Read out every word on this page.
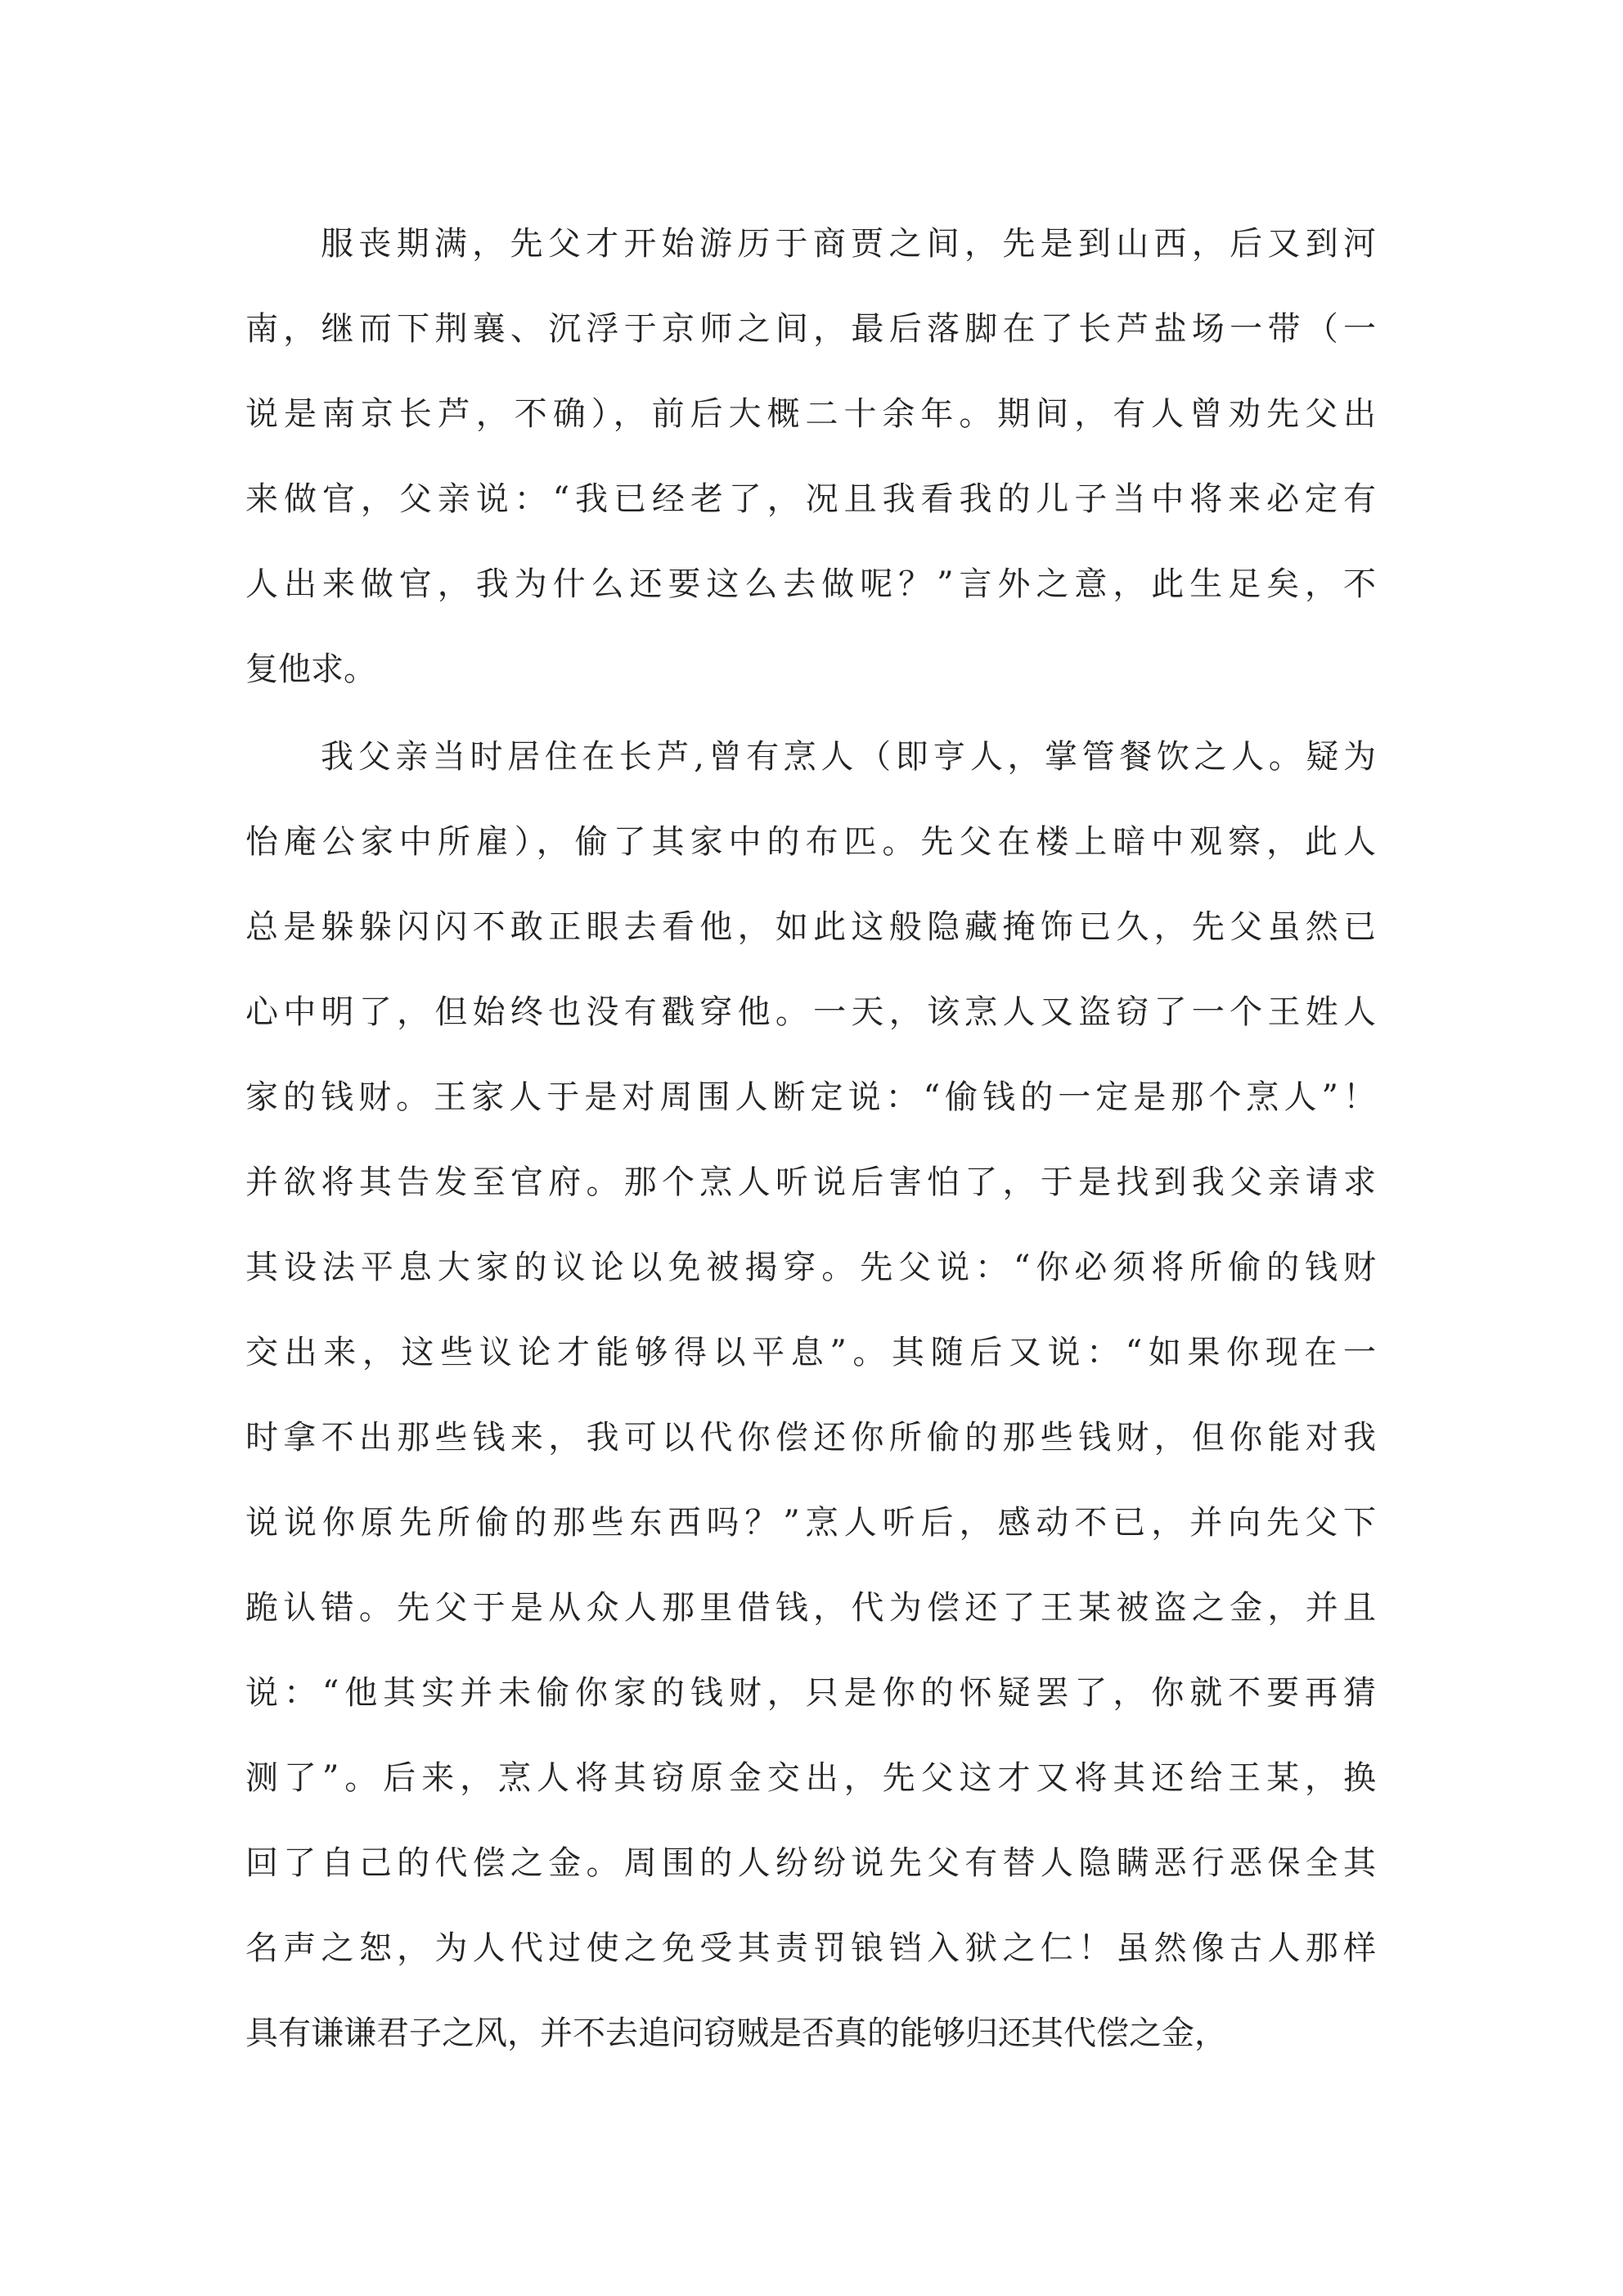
服丧期满，先父才开始游历于商贾之间，先是到山西，后又到河
南，继而下荆襄、沉浮于京师之间，最后落脚在了长芦盐场一带（一
说是南京长芦，不确），前后大概二十余年。期间，有人曾劝先父出
来做官，父亲说：“我已经老了，况且我看我的儿子当中将来必定有
人出来做官，我为什么还要这么去做呢？”言外之意，此生足矣，不
复他求。

我父亲当时居住在长芦,曾有烹人（即亨人，掌管餐饮之人。疑为
怡庵公家中所雇），偷了其家中的布匹。先父在楼上暗中观察，此人
总是躲躲闪闪不敢正眼去看他，如此这般隐藏掩饰已久，先父虽然已
心中明了，但始终也没有戳穿他。一天，该烹人又盗窃了一个王姓人
家的钱财。王家人于是对周围人断定说：“偷钱的一定是那个烹人”！
并欲将其告发至官府。那个烹人听说后害怕了，于是找到我父亲请求
其设法平息大家的议论以免被揭穿。先父说：“你必须将所偷的钱财
交出来，这些议论才能够得以平息”。其随后又说：“如果你现在一
时拿不出那些钱来，我可以代你偿还你所偷的那些钱财，但你能对我
说说你原先所偷的那些东西吗？”烹人听后，感动不已，并向先父下
跪认错。先父于是从众人那里借钱，代为偿还了王某被盗之金，并且
说：“他其实并未偷你家的钱财，只是你的怀疑罢了，你就不要再猜
测了”。后来，烹人将其窃原金交出，先父这才又将其还给王某，换
回了自己的代偿之金。周围的人纷纷说先父有替人隐瞒恶行恶保全其
名声之恕，为人代过使之免受其责罚锒铛入狱之仁！虽然像古人那样
具有谦谦君子之风，并不去追问窃贼是否真的能够归还其代偿之金，
